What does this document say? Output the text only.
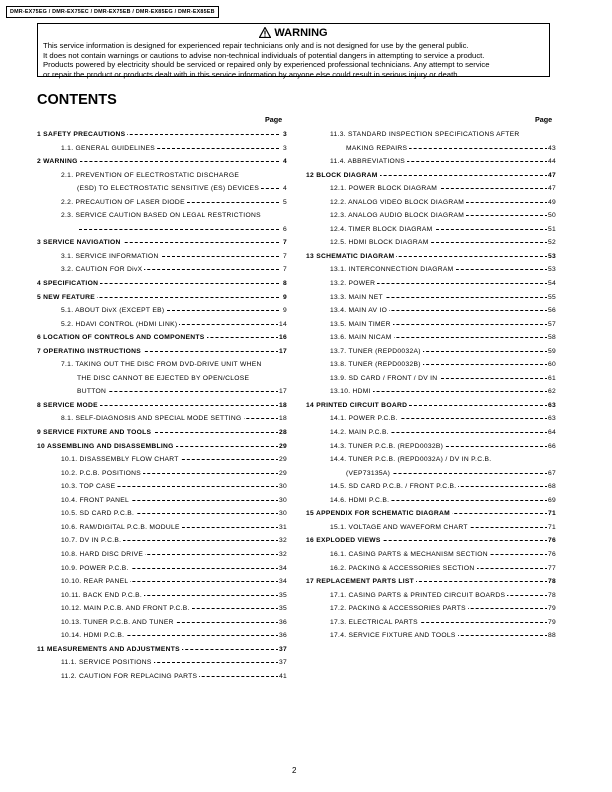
DMR-EX75EG / DMR-EX75EC / DMR-EX75EB / DMR-EX85EG / DMR-EX85EB
WARNING
This service information is designed for experienced repair technicians only and is not designed for use by the general public.
It does not contain warnings or cautions to advise non-technical individuals of potential dangers in attempting to service a product.
Products powered by electricity should be serviced or repaired only by experienced professional technicians. Any attempt to service
or repair the product or products dealt with in this service information by anyone else could result in serious injury or death.
CONTENTS
Page	Page
1 SAFETY PRECAUTIONS	3
1.1. GENERAL GUIDELINES	3
2 WARNING	4
2.1. PREVENTION OF ELECTROSTATIC DISCHARGE
(ESD) TO ELECTROSTATIC SENSITIVE (ES) DEVICES	4
2.2. PRECAUTION OF LASER DIODE	5
2.3. SERVICE CAUTION BASED ON LEGAL RESTRICTIONS
6
3 SERVICE NAVIGATION	7
3.1. SERVICE INFORMATION	7
3.2. CAUTION FOR DivX	7
4 SPECIFICATION	8
5 NEW FEATURE	9
5.1. ABOUT DivX (EXCEPT EB)	9
5.2. HDAVI CONTROL (HDMI LINK)	14
6 LOCATION OF CONTROLS AND COMPONENTS	16
7 OPERATING INSTRUCTIONS	17
7.1. TAKING OUT THE DISC FROM DVD-DRIVE UNIT WHEN
THE DISC CANNOT BE EJECTED BY OPEN/CLOSE
BUTTON	17
8 SERVICE MODE	18
8.1. SELF-DIAGNOSIS AND SPECIAL MODE SETTING	18
9 SERVICE FIXTURE AND TOOLS	28
10 ASSEMBLING AND DISASSEMBLING	29
10.1. DISASSEMBLY FLOW CHART	29
10.2. P.C.B. POSITIONS	29
10.3. TOP CASE	30
10.4. FRONT PANEL	30
10.5. SD CARD P.C.B.	30
10.6. RAM/DIGITAL P.C.B. MODULE	31
10.7. DV IN P.C.B.	32
10.8. HARD DISC DRIVE	32
10.9. POWER P.C.B.	34
10.10. REAR PANEL	34
10.11. BACK END P.C.B.	35
10.12. MAIN P.C.B. AND FRONT P.C.B.	35
10.13. TUNER P.C.B. AND TUNER	36
10.14. HDMI P.C.B.	36
11 MEASUREMENTS AND ADJUSTMENTS	37
11.1. SERVICE POSITIONS	37
11.2. CAUTION FOR REPLACING PARTS	41
11.3. STANDARD INSPECTION SPECIFICATIONS AFTER
MAKING REPAIRS	43
11.4. ABBREVIATIONS	44
12 BLOCK DIAGRAM	47
12.1. POWER BLOCK DIAGRAM	47
12.2. ANALOG VIDEO BLOCK DIAGRAM	49
12.3. ANALOG AUDIO BLOCK DIAGRAM	50
12.4. TIMER BLOCK DIAGRAM	51
12.5. HDMI BLOCK DIAGRAM	52
13 SCHEMATIC DIAGRAM	53
13.1. INTERCONNECTION DIAGRAM	53
13.2. POWER	54
13.3. MAIN NET	55
13.4. MAIN AV IO	56
13.5. MAIN TIMER	57
13.6. MAIN NICAM	58
13.7. TUNER (REPD0032A)	59
13.8. TUNER (REPD0032B)	60
13.9. SD CARD / FRONT / DV IN	61
13.10. HDMI	62
14 PRINTED CIRCUIT BOARD	63
14.1. POWER P.C.B.	63
14.2. MAIN P.C.B.	64
14.3. TUNER P.C.B. (REPD0032B)	66
14.4. TUNER P.C.B. (REPD0032A) / DV IN P.C.B.
(VEP73135A)	67
14.5. SD CARD P.C.B. / FRONT P.C.B.	68
14.6. HDMI P.C.B.	69
15 APPENDIX FOR SCHEMATIC DIAGRAM	71
15.1. VOLTAGE AND WAVEFORM CHART	71
16 EXPLODED VIEWS	76
16.1. CASING PARTS & MECHANISM SECTION	76
16.2. PACKING & ACCESSORIES SECTION	77
17 REPLACEMENT PARTS LIST	78
17.1. CASING PARTS & PRINTED CIRCUIT BOARDS	78
17.2. PACKING & ACCESSORIES PARTS	79
17.3. ELECTRICAL PARTS	79
17.4. SERVICE FIXTURE AND TOOLS	88
2
